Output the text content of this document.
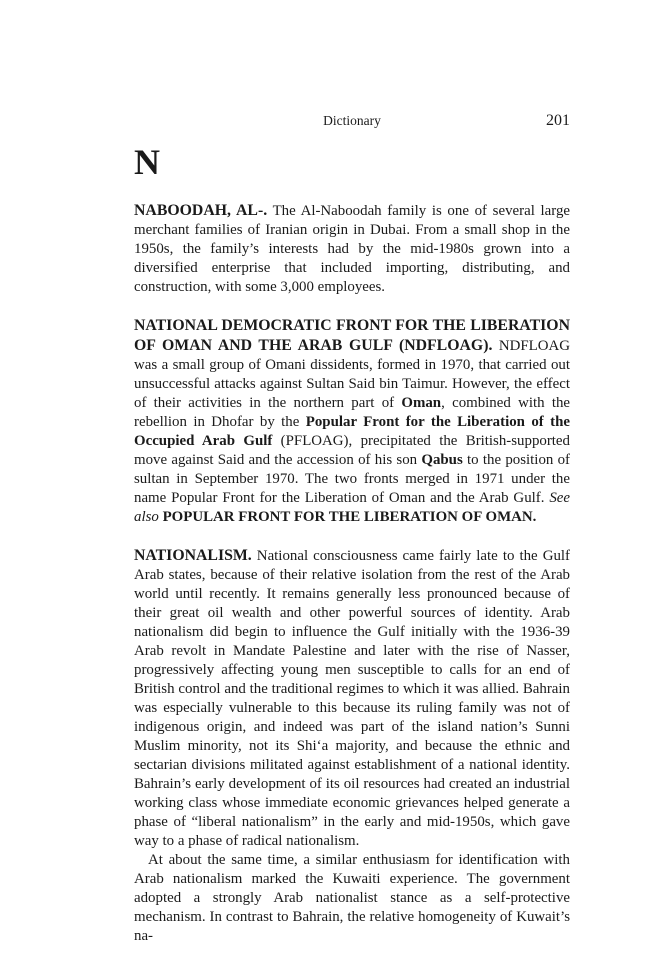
Dictionary	201
N

NABOODAH, AL-. The Al-Naboodah family is one of several large merchant families of Iranian origin in Dubai. From a small shop in the 1950s, the family’s interests had by the mid-1980s grown into a diversified enterprise that included importing, distributing, and construction, with some 3,000 employees.

NATIONAL DEMOCRATIC FRONT FOR THE LIBERATION OF OMAN AND THE ARAB GULF (NDFLOAG). NDFLOAG was a small group of Omani dissidents, formed in 1970, that carried out unsuccessful attacks against Sultan Said bin Taimur. However, the effect of their activities in the northern part of Oman, combined with the rebellion in Dhofar by the Popular Front for the Liberation of the Occupied Arab Gulf (PFLOAG), precipitated the British-supported move against Said and the accession of his son Qabus to the position of sultan in September 1970. The two fronts merged in 1971 under the name Popular Front for the Liberation of Oman and the Arab Gulf. See also POPULAR FRONT FOR THE LIBERATION OF OMAN.

NATIONALISM. National consciousness came fairly late to the Gulf Arab states, because of their relative isolation from the rest of the Arab world until recently. It remains generally less pronounced because of their great oil wealth and other powerful sources of identity. Arab nationalism did begin to influence the Gulf initially with the 1936-39 Arab revolt in Mandate Palestine and later with the rise of Nasser, progressively affecting young men susceptible to calls for an end of British control and the traditional regimes to which it was allied. Bahrain was especially vulnerable to this because its ruling family was not of indigenous origin, and indeed was part of the island nation’s Sunni Muslim minority, not its Shi‘a majority, and because the ethnic and sectarian divisions militated against establishment of a national identity. Bahrain’s early development of its oil resources had created an industrial working class whose immediate economic grievances helped generate a phase of “liberal nationalism” in the early and mid-1950s, which gave way to a phase of radical nationalism.

At about the same time, a similar enthusiasm for identification with Arab nationalism marked the Kuwaiti experience. The government adopted a strongly Arab nationalist stance as a self-protective mechanism. In contrast to Bahrain, the relative homogeneity of Kuwait’s na-
